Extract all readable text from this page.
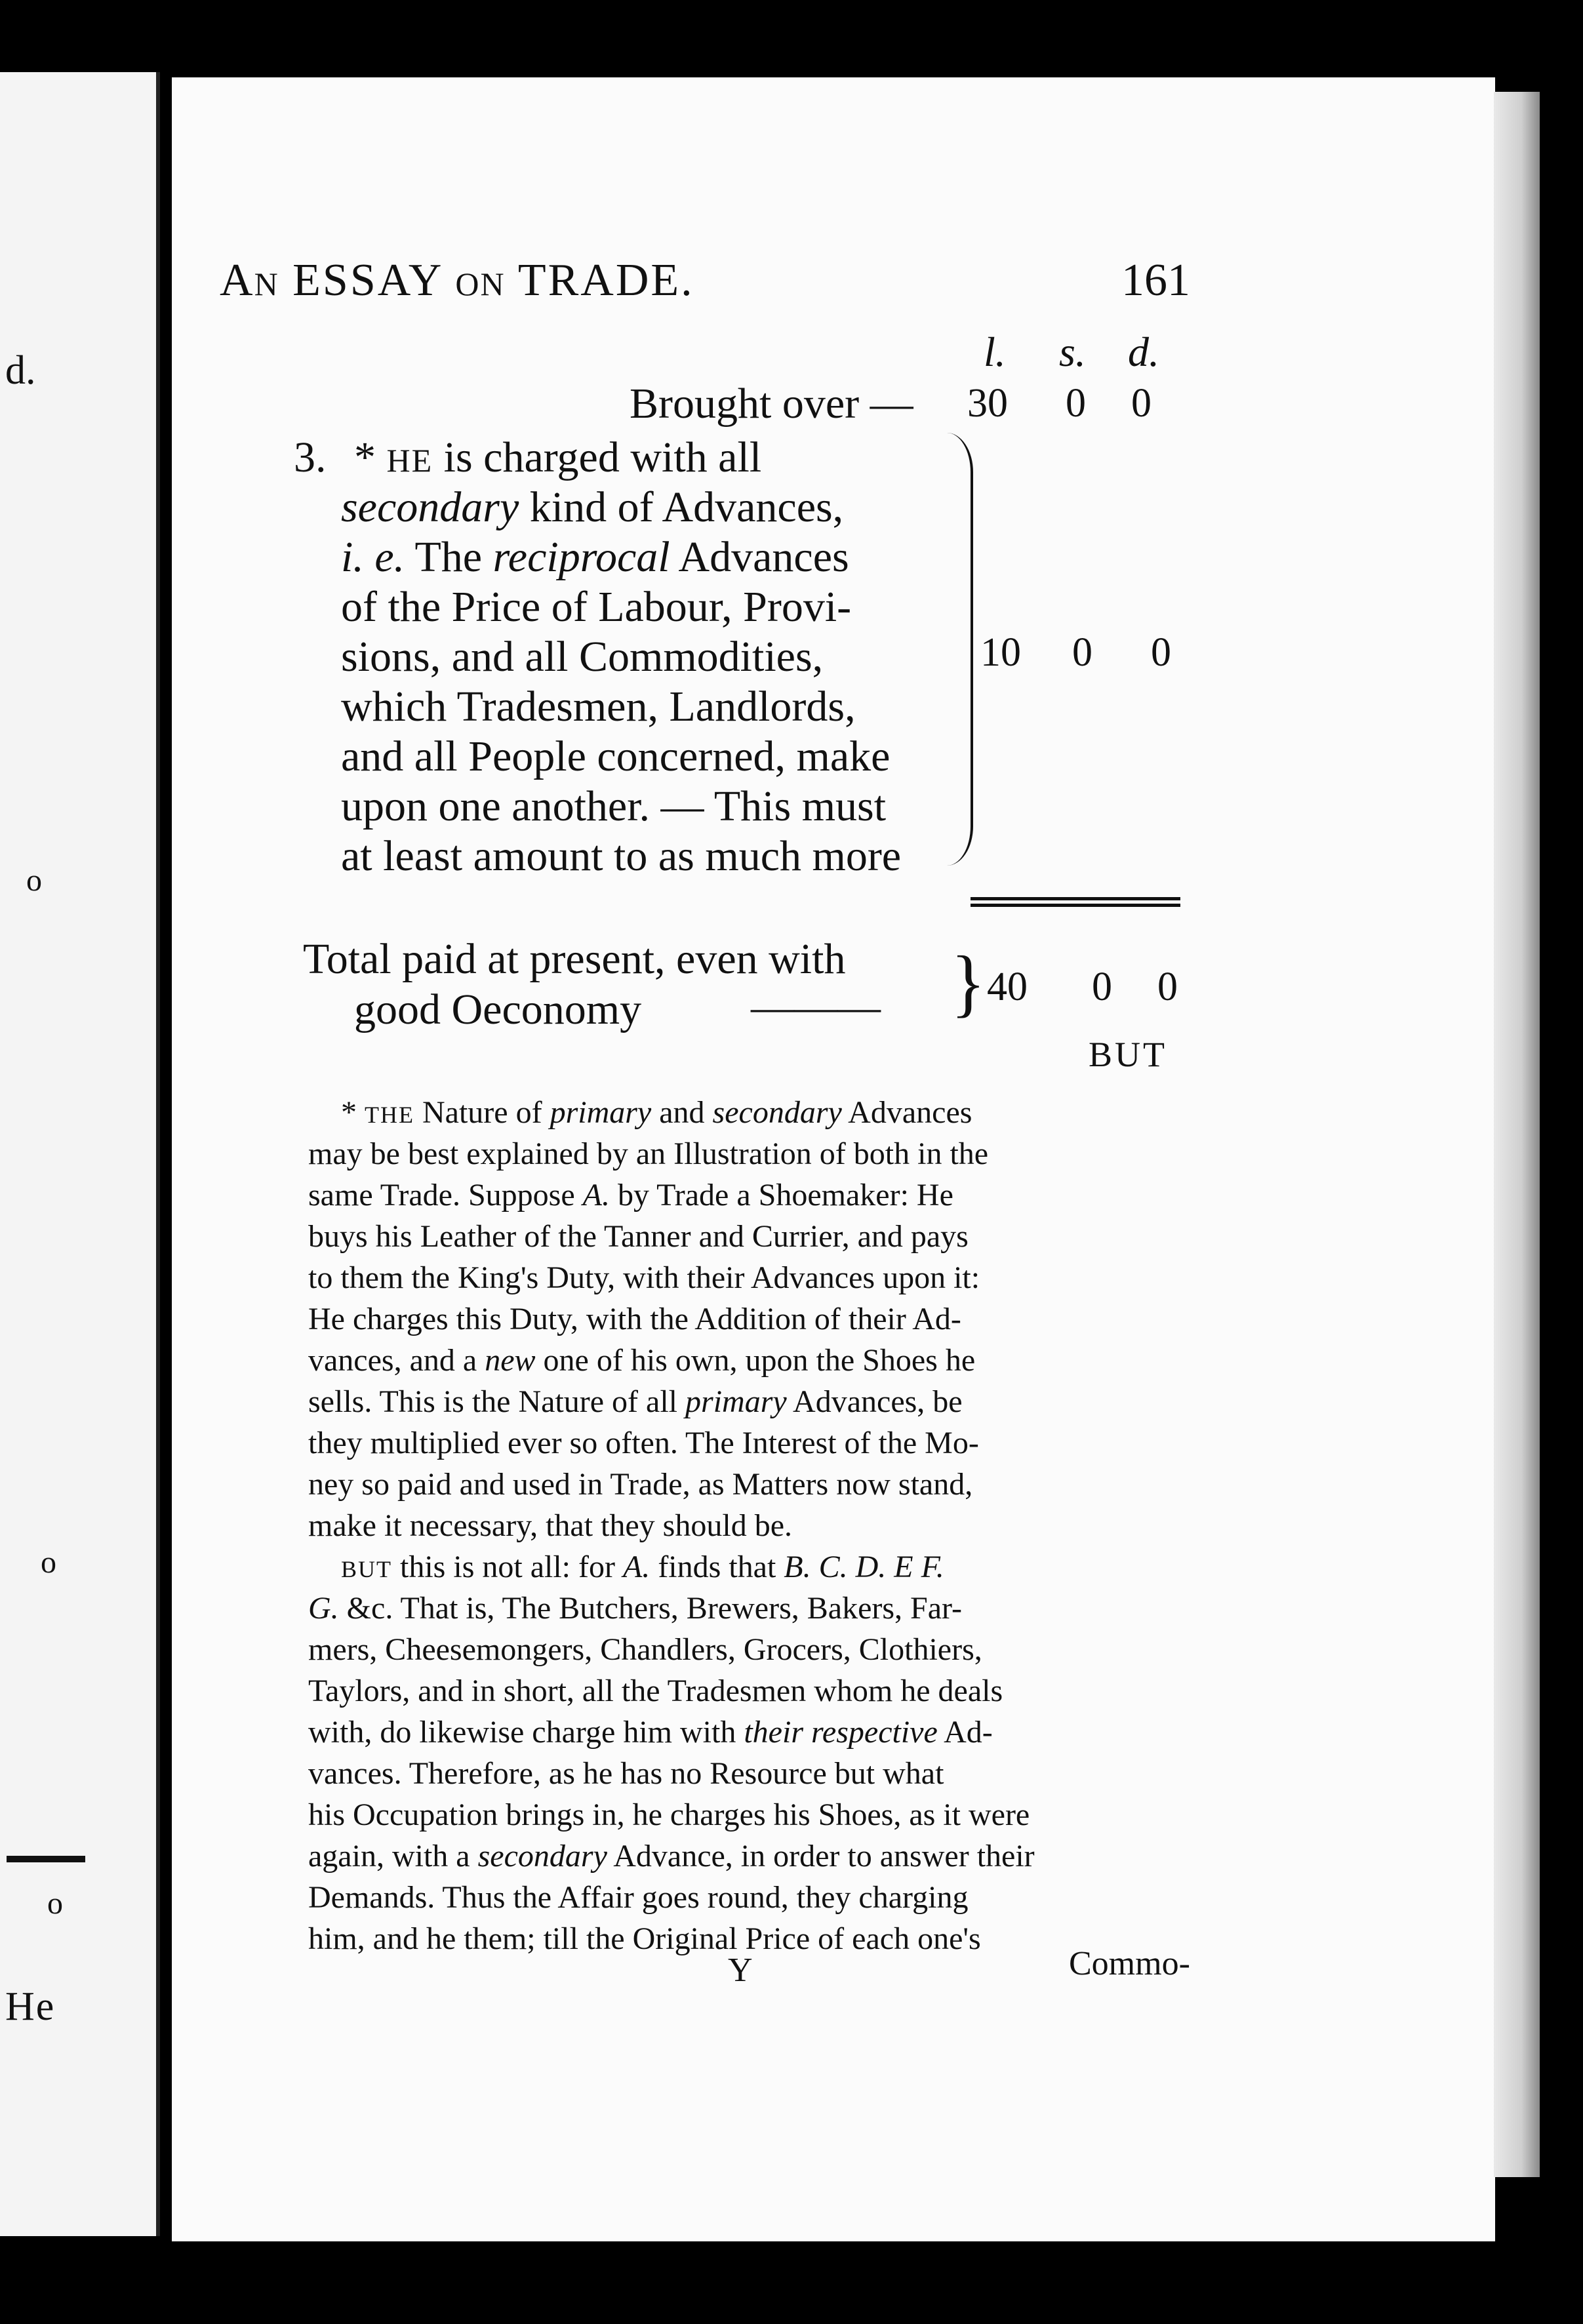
d.
o
o
o
He
AN ESSAY ON TRADE.	161
l. s. d.
Brought over — 30 0 0
3. * HE is charged with all
secondary kind of Advances,
i. e. The reciprocal Advances
of the Price of Labour, Provi-
sions, and all Commodities,
which Tradesmen, Landlords,
and all People concerned, make
upon one another. — This must
at least amount to as much more
10 0 0
Total paid at present, even with
good Oeconomy	——— } 40 0 0
BUT
* THE Nature of primary and secondary Advances
may be best explained by an Illustration of both in the
same Trade. Suppose A. by Trade a Shoemaker: He
buys his Leather of the Tanner and Currier, and pays
to them the King's Duty, with their Advances upon it:
He charges this Duty, with the Addition of their Ad-
vances, and a new one of his own, upon the Shoes he
sells. This is the Nature of all primary Advances, be
they multiplied ever so often. The Interest of the Mo-
ney so paid and used in Trade, as Matters now stand,
make it necessary, that they should be.
BUT this is not all: for A. finds that B. C. D. E F.
G. &c. That is, The Butchers, Brewers, Bakers, Far-
mers, Cheesemongers, Chandlers, Grocers, Clothiers,
Taylors, and in short, all the Tradesmen whom he deals
with, do likewise charge him with their respective Ad-
vances. Therefore, as he has no Resource but what
his Occupation brings in, he charges his Shoes, as it were
again, with a secondary Advance, in order to answer their
Demands. Thus the Affair goes round, they charging
him, and he them; till the Original Price of each one's
Y	Commo-
